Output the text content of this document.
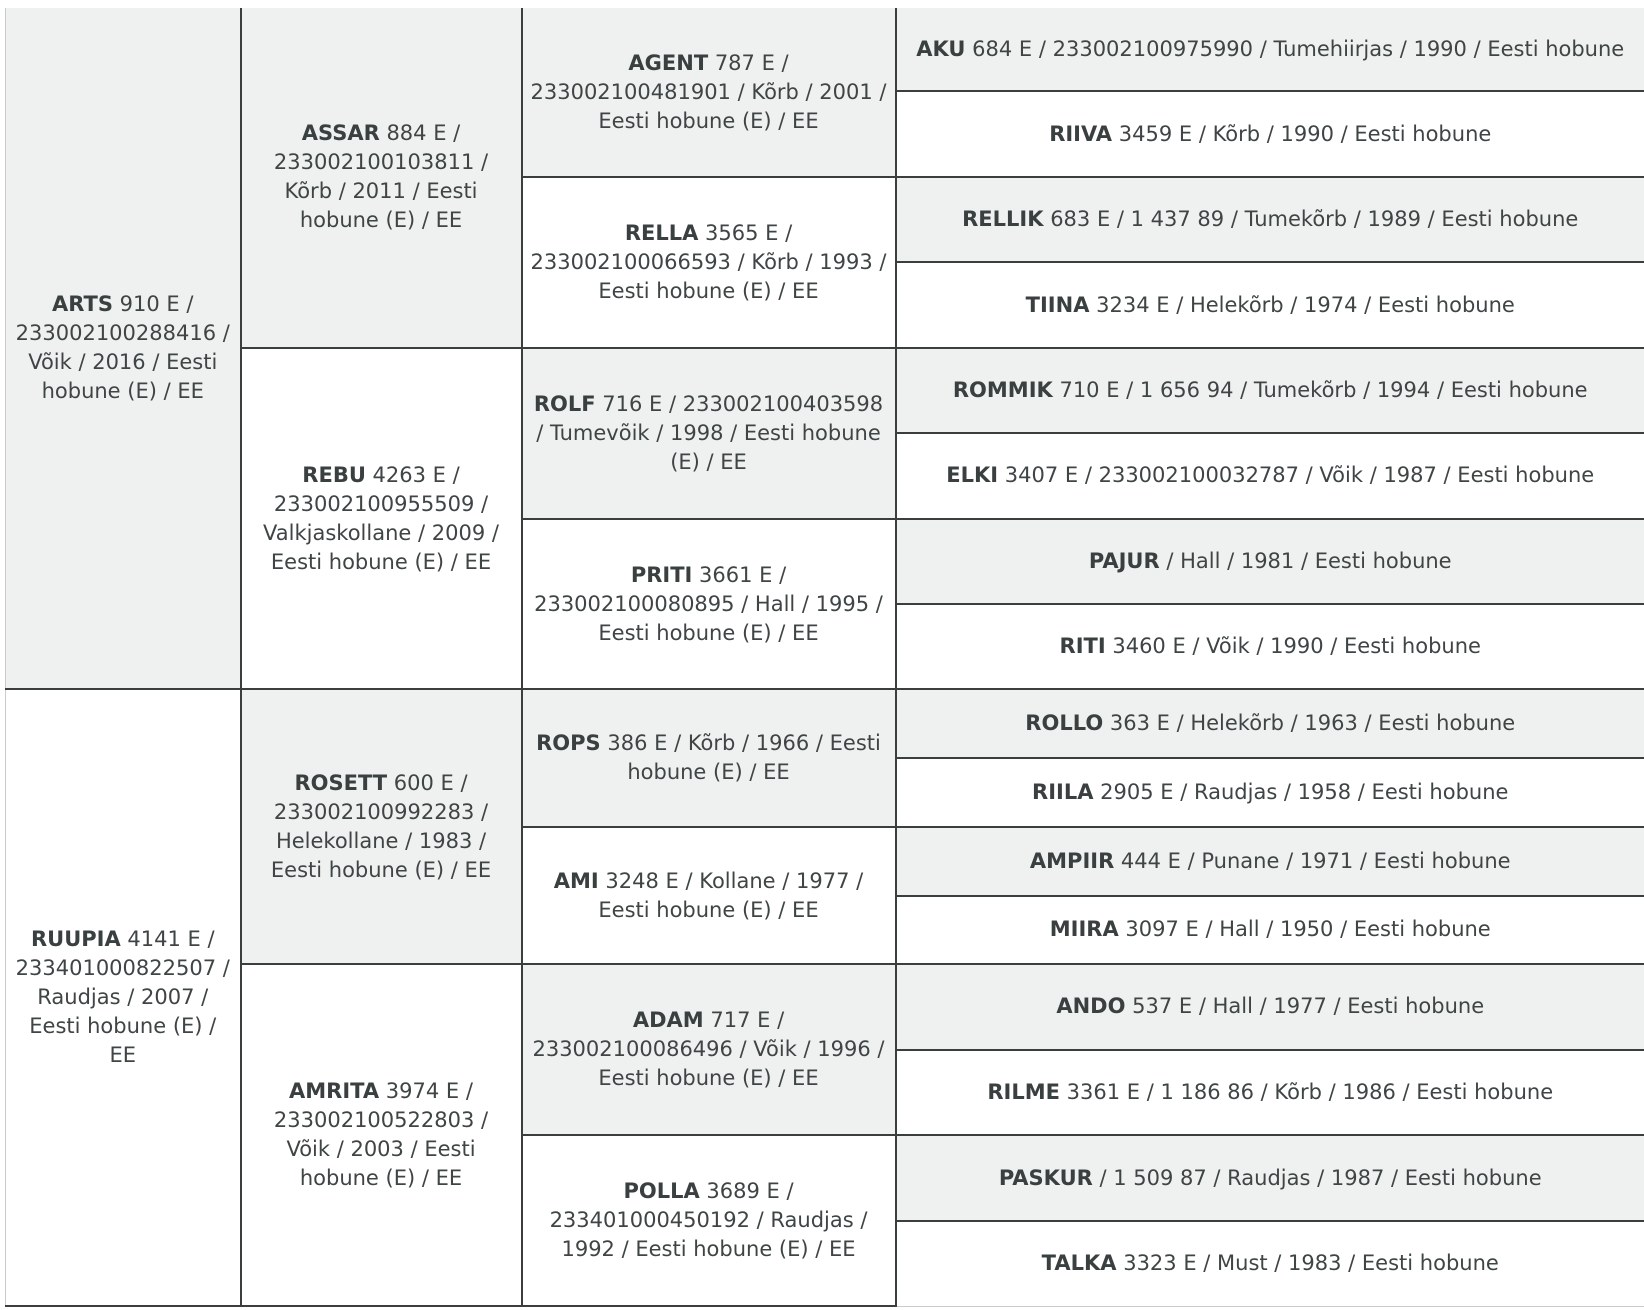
ARTS 910 E / 233002100288416 / Võik / 2016 / Eesti hobune (E) / EE	ASSAR 884 E / 233002100103811 / Kõrb / 2011 / Eesti hobune (E) / EE	AGENT 787 E / 233002100481901 / Kõrb / 2001 / Eesti hobune (E) / EE	AKU 684 E / 233002100975990 / Tumehiirjas / 1990 / Eesti hobune
			RIIVA 3459 E / Kõrb / 1990 / Eesti hobune
		RELLA 3565 E / 233002100066593 / Kõrb / 1993 / Eesti hobune (E) / EE	RELLIK 683 E / 1 437 89 / Tumekõrb / 1989 / Eesti hobune
			TIINA 3234 E / Helekõrb / 1974 / Eesti hobune
	REBU 4263 E / 233002100955509 / Valkjaskollane / 2009 / Eesti hobune (E) / EE	ROLF 716 E / 233002100403598 / Tumevõik / 1998 / Eesti hobune (E) / EE	ROMMIK 710 E / 1 656 94 / Tumekõrb / 1994 / Eesti hobune
			ELKI 3407 E / 233002100032787 / Võik / 1987 / Eesti hobune
		PRITI 3661 E / 233002100080895 / Hall / 1995 / Eesti hobune (E) / EE	PAJUR / Hall / 1981 / Eesti hobune
			RITI 3460 E / Võik / 1990 / Eesti hobune
RUUPIA 4141 E / 233401000822507 / Raudjas / 2007 / Eesti hobune (E) / EE	ROSETT 600 E / 233002100992283 / Helekollane / 1983 / Eesti hobune (E) / EE	ROPS 386 E / Kõrb / 1966 / Eesti hobune (E) / EE	ROLLO 363 E / Helekõrb / 1963 / Eesti hobune
			RIILA 2905 E / Raudjas / 1958 / Eesti hobune
		AMI 3248 E / Kollane / 1977 / Eesti hobune (E) / EE	AMPIIR 444 E / Punane / 1971 / Eesti hobune
			MIIRA 3097 E / Hall / 1950 / Eesti hobune
	AMRITA 3974 E / 233002100522803 / Võik / 2003 / Eesti hobune (E) / EE	ADAM 717 E / 233002100086496 / Võik / 1996 / Eesti hobune (E) / EE	ANDO 537 E / Hall / 1977 / Eesti hobune
			RILME 3361 E / 1 186 86 / Kõrb / 1986 / Eesti hobune
		POLLA 3689 E / 233401000450192 / Raudjas / 1992 / Eesti hobune (E) / EE	PASKUR / 1 509 87 / Raudjas / 1987 / Eesti hobune
			TALKA 3323 E / Must / 1983 / Eesti hobune
